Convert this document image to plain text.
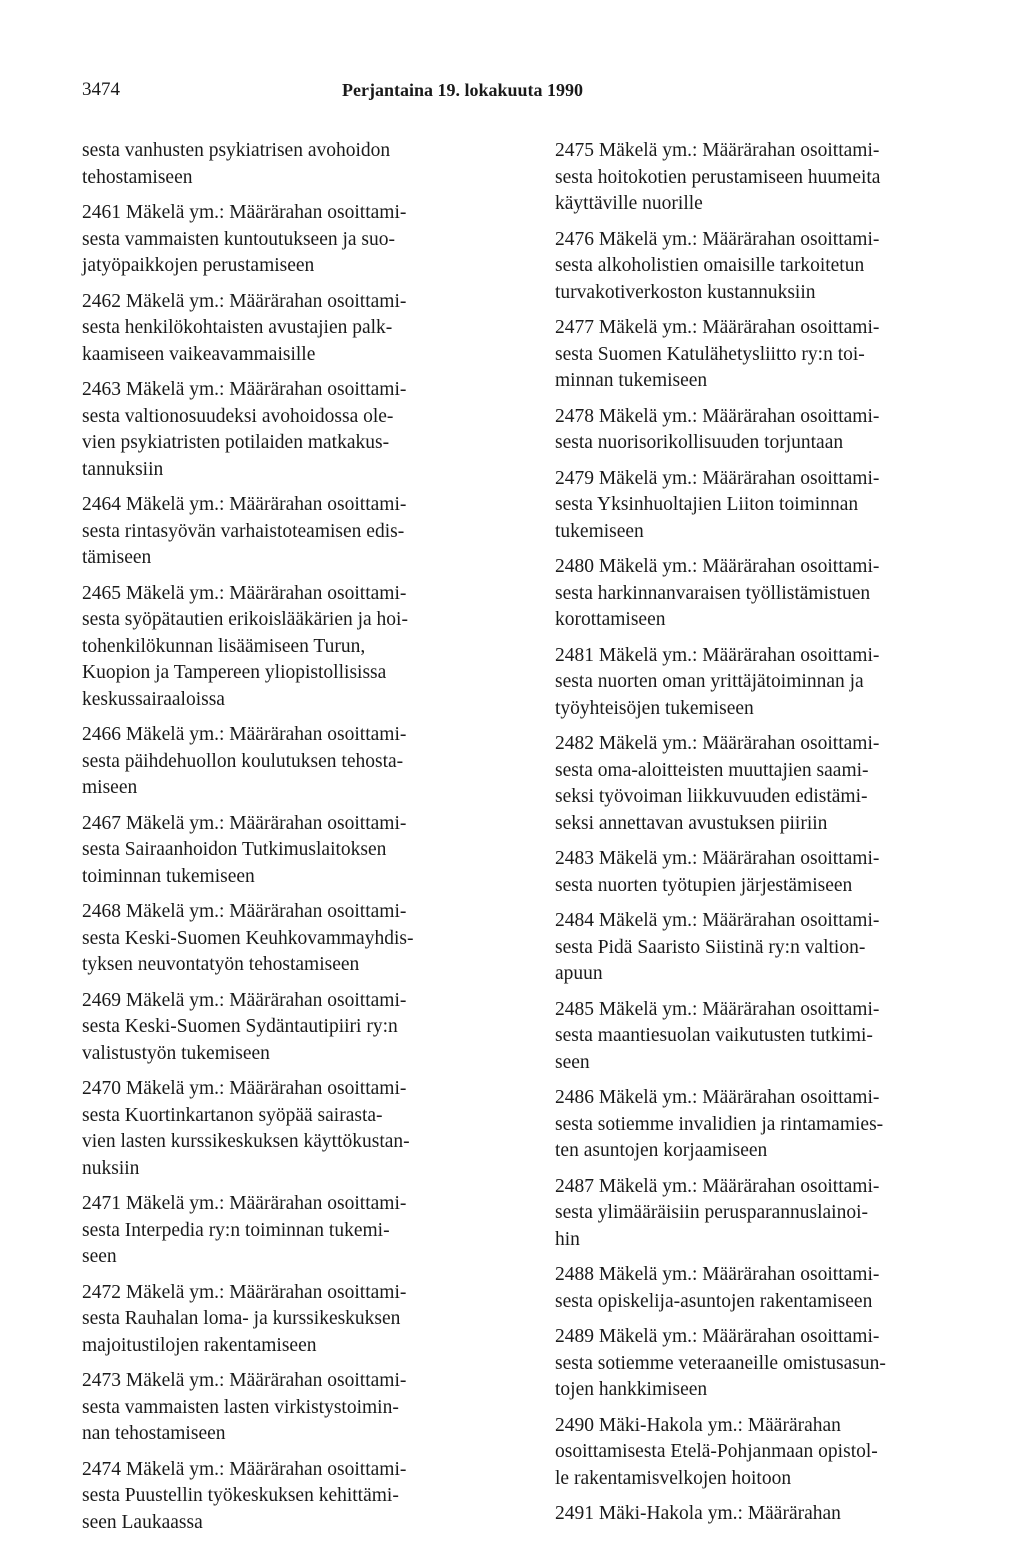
3474	Perjantaina 19. lokakuuta 1990

sesta vanhusten psykiatrisen avohoidon
tehostamiseen

2461 Mäkelä ym.: Määrärahan osoittami-
sesta vammaisten kuntoutukseen ja suo-
jatyöpaikkojen perustamiseen

2462 Mäkelä ym.: Määrärahan osoittami-
sesta henkilökohtaisten avustajien palk-
kaamiseen vaikeavammaisille

2463 Mäkelä ym.: Määrärahan osoittami-
sesta valtionosuudeksi avohoidossa ole-
vien psykiatristen potilaiden matkakus-
tannuksiin

2464 Mäkelä ym.: Määrärahan osoittami-
sesta rintasyövän varhaistoteamisen edis-
tämiseen

2465 Mäkelä ym.: Määrärahan osoittami-
sesta syöpätautien erikoislääkärien ja hoi-
tohenkilökunnan lisäämiseen Turun,
Kuopion ja Tampereen yliopistollisissa
keskussairaaloissa

2466 Mäkelä ym.: Määrärahan osoittami-
sesta päihdehuollon koulutuksen tehosta-
miseen

2467 Mäkelä ym.: Määrärahan osoittami-
sesta Sairaanhoidon Tutkimuslaitoksen
toiminnan tukemiseen

2468 Mäkelä ym.: Määrärahan osoittami-
sesta Keski-Suomen Keuhkovammayhdis-
tyksen neuvontatyön tehostamiseen

2469 Mäkelä ym.: Määrärahan osoittami-
sesta Keski-Suomen Sydäntautipiiri ry:n
valistustyön tukemiseen

2470 Mäkelä ym.: Määrärahan osoittami-
sesta Kuortinkartanon syöpää sairasta-
vien lasten kurssikeskuksen käyttökustan-
nuksiin

2471 Mäkelä ym.: Määrärahan osoittami-
sesta Interpedia ry:n toiminnan tukemi-
seen

2472 Mäkelä ym.: Määrärahan osoittami-
sesta Rauhalan loma- ja kurssikeskuksen
majoitustilojen rakentamiseen

2473 Mäkelä ym.: Määrärahan osoittami-
sesta vammaisten lasten virkistystoimin-
nan tehostamiseen

2474 Mäkelä ym.: Määrärahan osoittami-
sesta Puustellin työkeskuksen kehittämi-
seen Laukaassa

2475 Mäkelä ym.: Määrärahan osoittami-
sesta hoitokotien perustamiseen huumeita
käyttäville nuorille

2476 Mäkelä ym.: Määrärahan osoittami-
sesta alkoholistien omaisille tarkoitetun
turvakotiverkoston kustannuksiin

2477 Mäkelä ym.: Määrärahan osoittami-
sesta Suomen Katulähetysliitto ry:n toi-
minnan tukemiseen

2478 Mäkelä ym.: Määrärahan osoittami-
sesta nuorisorikollisuuden torjuntaan

2479 Mäkelä ym.: Määrärahan osoittami-
sesta Yksinhuoltajien Liiton toiminnan
tukemiseen

2480 Mäkelä ym.: Määrärahan osoittami-
sesta harkinnanvaraisen työllistämistuen
korottamiseen

2481 Mäkelä ym.: Määrärahan osoittami-
sesta nuorten oman yrittäjätoiminnan ja
työyhteisöjen tukemiseen

2482 Mäkelä ym.: Määrärahan osoittami-
sesta oma-aloitteisten muuttajien saami-
seksi työvoiman liikkuvuuden edistämi-
seksi annettavan avustuksen piiriin

2483 Mäkelä ym.: Määrärahan osoittami-
sesta nuorten työtupien järjestämiseen

2484 Mäkelä ym.: Määrärahan osoittami-
sesta Pidä Saaristo Siistinä ry:n valtion-
apuun

2485 Mäkelä ym.: Määrärahan osoittami-
sesta maantiesuolan vaikutusten tutkimi-
seen

2486 Mäkelä ym.: Määrärahan osoittami-
sesta sotiemme invalidien ja rintamamies-
ten asuntojen korjaamiseen

2487 Mäkelä ym.: Määrärahan osoittami-
sesta ylimääräisiin perusparannuslainoi-
hin

2488 Mäkelä ym.: Määrärahan osoittami-
sesta opiskelija-asuntojen rakentamiseen

2489 Mäkelä ym.: Määrärahan osoittami-
sesta sotiemme veteraaneille omistusasun-
tojen hankkimiseen

2490 Mäki-Hakola ym.: Määrärahan
osoittamisesta Etelä-Pohjanmaan opistol-
le rakentamisvelkojen hoitoon

2491 Mäki-Hakola ym.: Määrärahan
